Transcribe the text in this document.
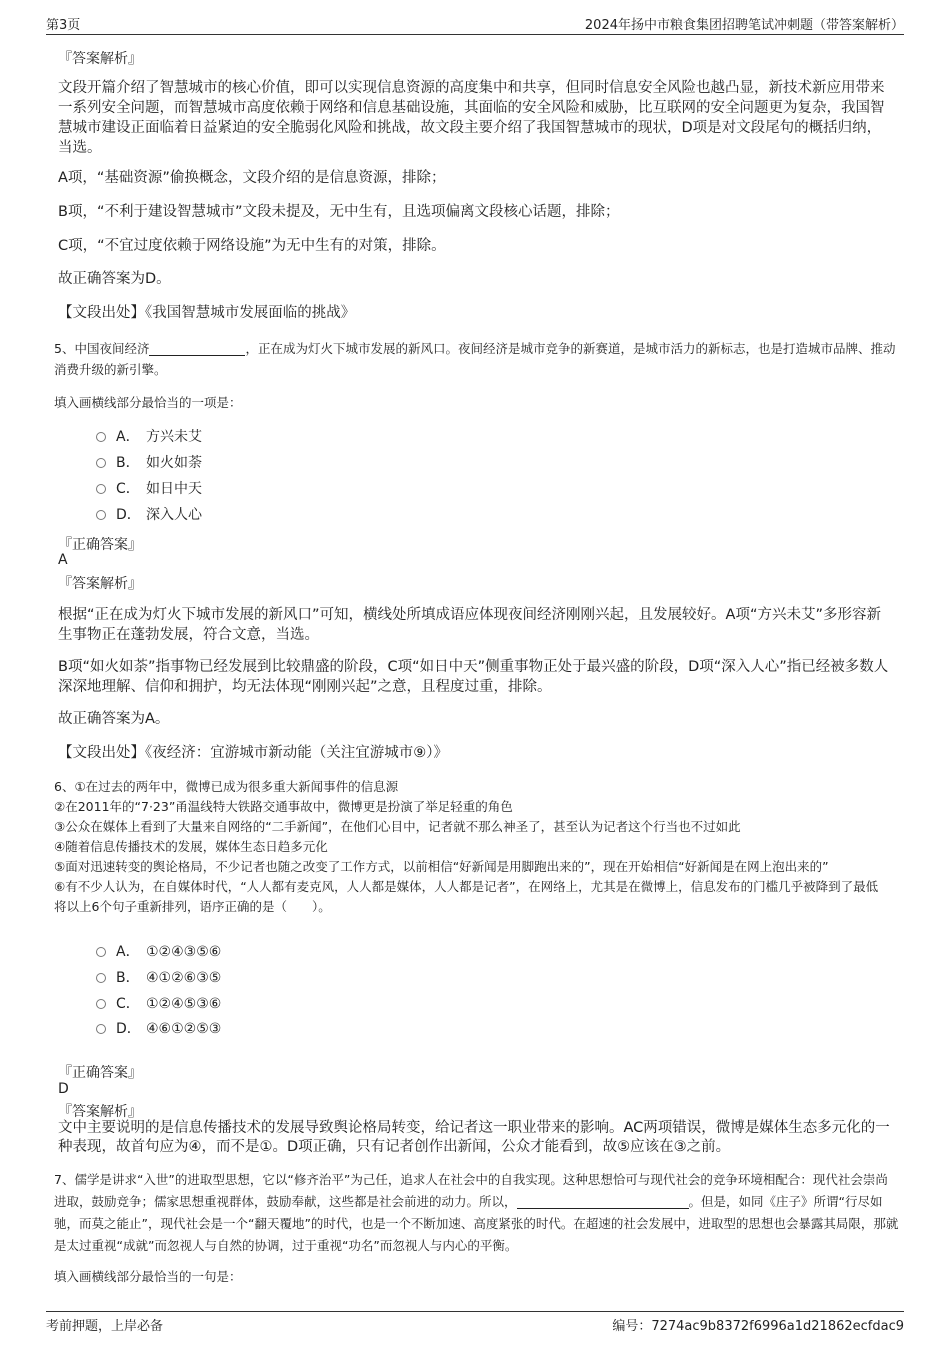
第3页	2024年扬中市粮食集团招聘笔试冲刺题（带答案解析）
『答案解析』

文段开篇介绍了智慧城市的核心价值，即可以实现信息资源的高度集中和共享，但同时信息安全风险也越凸显，新技术新应用带来一系列安全问题，而智慧城市高度依赖于网络和信息基础设施，其面临的安全风险和威胁，比互联网的安全问题更为复杂，我国智慧城市建设正面临着日益紧迫的安全脆弱化风险和挑战，故文段主要介绍了我国智慧城市的现状，D项是对文段尾句的概括归纳，当选。

A项，“基础资源”偷换概念，文段介绍的是信息资源，排除；

B项，“不利于建设智慧城市”文段未提及，无中生有，且选项偏离文段核心话题，排除；

C项，“不宜过度依赖于网络设施”为无中生有的对策，排除。

故正确答案为D。

【文段出处】《我国智慧城市发展面临的挑战》

5、中国夜间经济	，正在成为灯火下城市发展的新风口。夜间经济是城市竞争的新赛道，是城市活力的新标志，也是打造城市品牌、推动消费升级的新引擎。

填入画横线部分最恰当的一项是：
A． 方兴未艾
B． 如火如荼
C． 如日中天
D． 深入人心
『正确答案』
A
『答案解析』

根据“正在成为灯火下城市发展的新风口”可知，横线处所填成语应体现夜间经济刚刚兴起，且发展较好。A项“方兴未艾”多形容新生事物正在蓬勃发展，符合文意，当选。

B项“如火如荼”指事物已经发展到比较鼎盛的阶段，C项“如日中天”侧重事物正处于最兴盛的阶段，D项“深入人心”指已经被多数人深深地理解、信仰和拥护，均无法体现“刚刚兴起”之意，且程度过重，排除。

故正确答案为A。

【文段出处】《夜经济：宜游城市新动能（关注宜游城市⑨）》
6、①在过去的两年中，微博已成为很多重大新闻事件的信息源
②在2011年的“7·23”甬温线特大铁路交通事故中，微博更是扮演了举足轻重的角色
③公众在媒体上看到了大量来自网络的“二手新闻”，在他们心目中，记者就不那么神圣了，甚至认为记者这个行当也不过如此
④随着信息传播技术的发展，媒体生态日趋多元化
⑤面对迅速转变的舆论格局，不少记者也随之改变了工作方式，以前相信“好新闻是用脚跑出来的”，现在开始相信“好新闻是在网上泡出来的”
⑥有不少人认为，在自媒体时代，“人人都有麦克风，人人都是媒体，人人都是记者”，在网络上，尤其是在微博上，信息发布的门槛几乎被降到了最低
将以上6个句子重新排列，语序正确的是（　　）。
A． ①②④③⑤⑥
B． ④①②⑥③⑤
C． ①②④⑤③⑥
D． ④⑥①②⑤③
『正确答案』
D
『答案解析』

文中主要说明的是信息传播技术的发展导致舆论格局转变，给记者这一职业带来的影响。AC两项错误，微博是媒体生态多元化的一种表现，故首句应为④，而不是①。D项正确，只有记者创作出新闻，公众才能看到，故⑤应该在③之前。

7、儒学是讲求“入世”的进取型思想，它以“修齐治平”为己任，追求人在社会中的自我实现。这种思想恰可与现代社会的竞争环境相配合：现代社会崇尚进取，鼓励竞争；儒家思想重视群体，鼓励奉献，这些都是社会前进的动力。所以，	。但是，如同《庄子》所谓“行尽如驰，而莫之能止”，现代社会是一个“翻天覆地”的时代，也是一个不断加速、高度紧张的时代。在超速的社会发展中，进取型的思想也会暴露其局限，那就是太过重视“成就”而忽视人与自然的协调，过于重视“功名”而忽视人与内心的平衡。

填入画横线部分最恰当的一句是：
考前押题，上岸必备	编号：7274ac9b8372f6996a1d21862ecfdac9
